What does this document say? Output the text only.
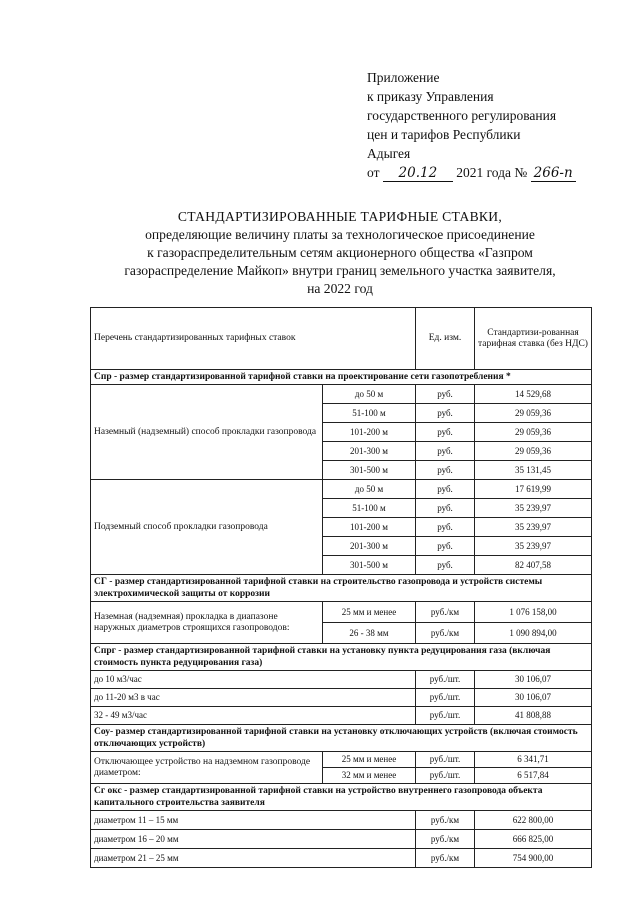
Приложение
к приказу Управления
государственного регулирования
цен и тарифов Республики
Адыгея
от 20.12 2021 года № 266-п
СТАНДАРТИЗИРОВАННЫЕ ТАРИФНЫЕ СТАВКИ,
определяющие величину платы за технологическое присоединение
к газораспределительным сетям акционерного общества «Газпром
газораспределение Майкоп» внутри границ земельного участка заявителя,
на 2022 год
Перечень стандартизированных тарифных ставок		Ед. изм.	Стандартизи-рованная тарифная ставка (без НДС)
Спр - размер стандартизированной тарифной ставки на проектирование сети газопотребления *			
Наземный (надземный) способ прокладки газопровода	до 50 м	руб.	14 529,68
	51-100 м	руб.	29 059,36
	101-200 м	руб.	29 059,36
	201-300 м	руб.	29 059,36
	301-500 м	руб.	35 131,45
Подземный способ прокладки газопровода	до 50 м	руб.	17 619,99
	51-100 м	руб.	35 239,97
	101-200 м	руб.	35 239,97
	201-300 м	руб.	35 239,97
	301-500 м	руб.	82 407,58
СГ - размер стандартизированной тарифной ставки на строительство газопровода и устройств системы электрохимической защиты от коррозии			
Наземная (надземная) прокладка в диапазоне наружных диаметров строящихся газопроводов:	25 мм и менее	руб./км	1 076 158,00
	26 - 38 мм	руб./км	1 090 894,00
Спрг - размер стандартизированной тарифной ставки на установку пункта редуцирования газа (включая стоимость пункта редуцирования газа)			
до 10 м3/час		руб./шт.	30 106,07
до 11-20 м3 в час		руб./шт.	30 106,07
32 - 49 м3/час		руб./шт.	41 808,88
Соу- размер стандартизированной тарифной ставки на установку отключающих устройств (включая стоимость отключающих устройств)			
Отключающее устройство на надземном газопроводе диаметром:	25 мм и менее	руб./шт.	6 341,71
	32 мм и менее	руб./шт.	6 517,84
Сг окс - размер стандартизированной тарифной ставки на устройство внутреннего газопровода объекта капитального строительства заявителя			
диаметром 11 – 15 мм		руб./км	622 800,00
диаметром 16 – 20 мм		руб./км	666 825,00
диаметром 21 – 25 мм		руб./км	754 900,00
